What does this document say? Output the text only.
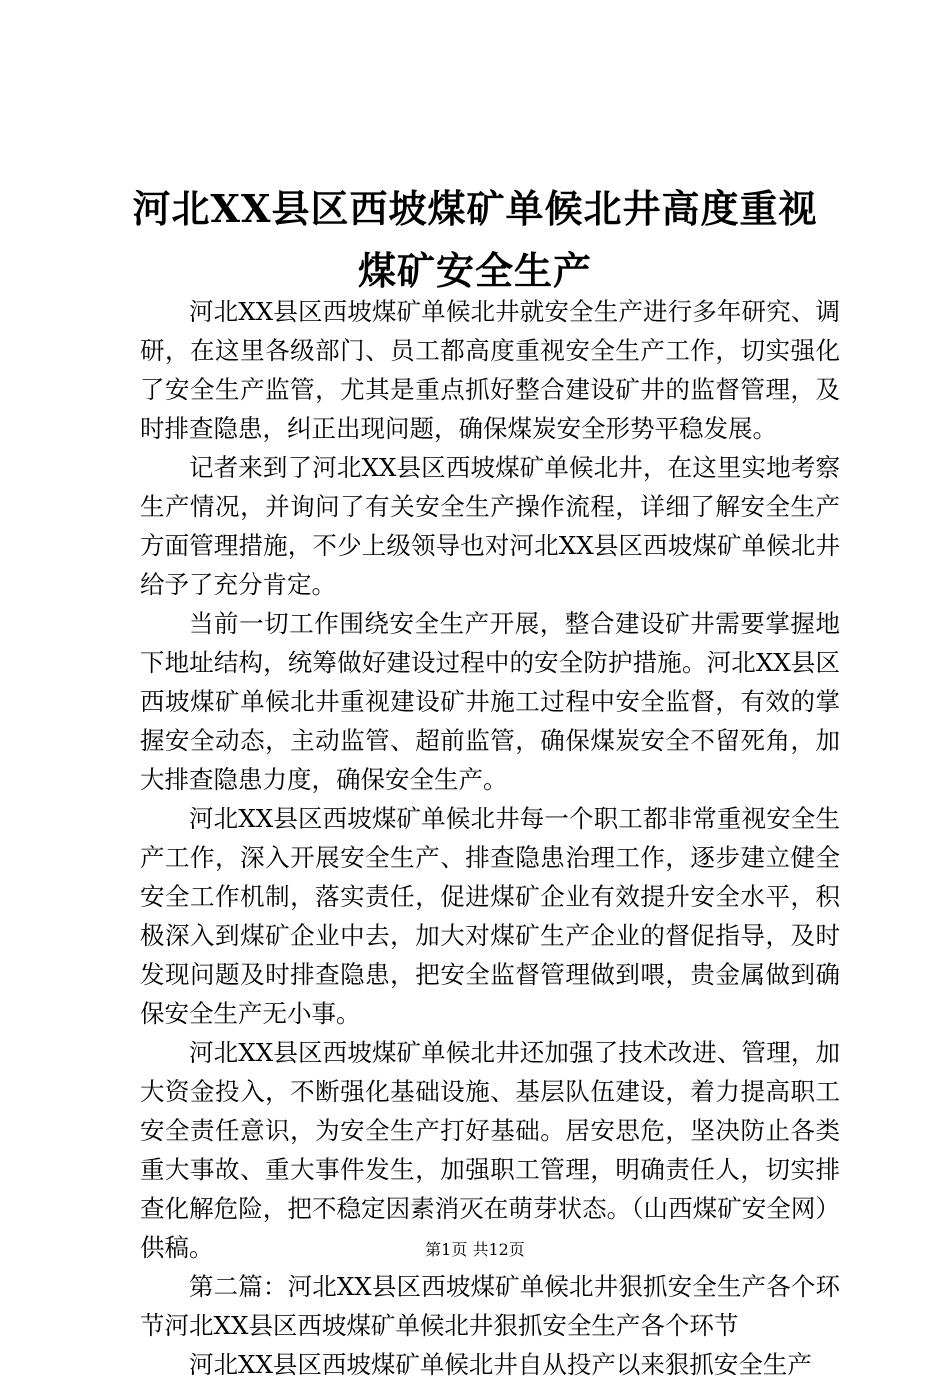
河北XX县区西坡煤矿单候北井高度重视煤矿安全生产

河北XX县区西坡煤矿单候北井就安全生产进行多年研究、调研，在这里各级部门、员工都高度重视安全生产工作，切实强化了安全生产监管，尤其是重点抓好整合建设矿井的监督管理，及时排查隐患，纠正出现问题，确保煤炭安全形势平稳发展。

记者来到了河北XX县区西坡煤矿单候北井，在这里实地考察生产情况，并询问了有关安全生产操作流程，详细了解安全生产方面管理措施，不少上级领导也对河北XX县区西坡煤矿单候北井给予了充分肯定。

当前一切工作围绕安全生产开展，整合建设矿井需要掌握地下地址结构，统筹做好建设过程中的安全防护措施。河北XX县区西坡煤矿单候北井重视建设矿井施工过程中安全监督，有效的掌握安全动态，主动监管、超前监管，确保煤炭安全不留死角，加大排查隐患力度，确保安全生产。

河北XX县区西坡煤矿单候北井每一个职工都非常重视安全生产工作，深入开展安全生产、排查隐患治理工作，逐步建立健全安全工作机制，落实责任，促进煤矿企业有效提升安全水平，积极深入到煤矿企业中去，加大对煤矿生产企业的督促指导，及时发现问题及时排查隐患，把安全监督管理做到喂，贵金属做到确保安全生产无小事。

河北XX县区西坡煤矿单候北井还加强了技术改进、管理，加大资金投入，不断强化基础设施、基层队伍建设，着力提高职工安全责任意识，为安全生产打好基础。居安思危，坚决防止各类重大事故、重大事件发生，加强职工管理，明确责任人，切实排查化解危险，把不稳定因素消灭在萌芽状态。（山西煤矿安全网）供稿。

第二篇：河北XX县区西坡煤矿单候北井狠抓安全生产各个环节河北XX县区西坡煤矿单候北井狠抓安全生产各个环节

河北XX县区西坡煤矿单候北井自从投产以来狠抓安全生产

第1页 共12页
